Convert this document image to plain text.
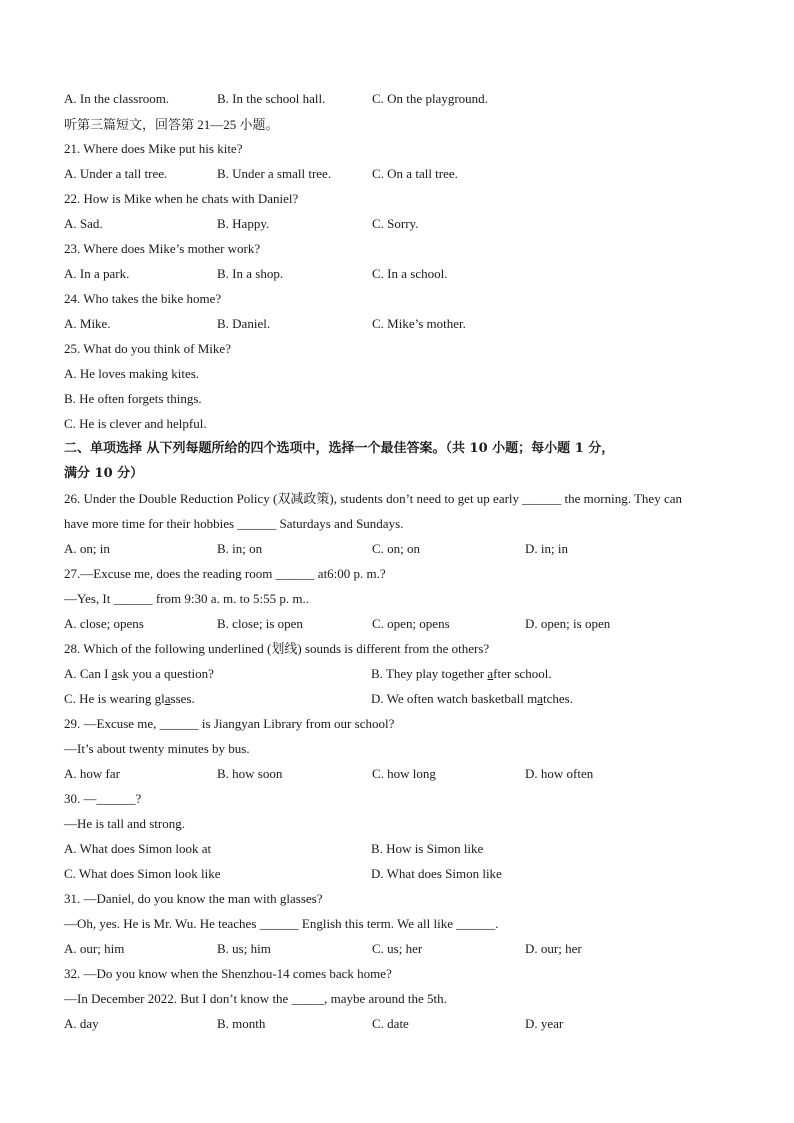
A. In the classroom.	B. In the school hall.	C. On the playground.
听第三篇短文，回答第 21—25 小题。
21. Where does Mike put his kite?
A. Under a tall tree.	B. Under a small tree.	C. On a tall tree.
22. How is Mike when he chats with Daniel?
A. Sad.	B. Happy.	C. Sorry.
23. Where does Mike’s mother work?
A. In a park.	B. In a shop.	C. In a school.
24. Who takes the bike home?
A. Mike.	B. Daniel.	C. Mike’s mother.
25. What do you think of Mike?
A. He loves making kites.
B. He often forgets things.
C. He is clever and helpful.
二、单项选择 从下列每题所给的四个选项中，选择一个最佳答案。（共 10 小题；每小题 1 分，
满分 10 分）
26. Under the Double Reduction Policy (双减政策), students don’t need to get up early ______ the morning. They can
have more time for their hobbies ______ Saturdays and Sundays.
A. on; in	B. in; on	C. on; on	D. in; in
27.—Excuse me, does the reading room ______ at6:00 p. m.?
—Yes, It ______ from 9:30 a. m. to 5:55 p. m..
A. close; opens	B. close; is open	C. open; opens	D. open; is open
28. Which of the following underlined (划线) sounds is different from the others?
A. Can I ask you a question?	B. They play together after school.
C. He is wearing glasses.	D. We often watch basketball matches.
29. —Excuse me, ______ is Jiangyan Library from our school?
—It’s about twenty minutes by bus.
A. how far	B. how soon	C. how long	D. how often
30. —______?
—He is tall and strong.
A. What does Simon look at	B. How is Simon like
C. What does Simon look like	D. What does Simon like
31. —Daniel, do you know the man with glasses?
—Oh, yes. He is Mr. Wu. He teaches ______ English this term. We all like ______.
A. our; him	B. us; him	C. us; her	D. our; her
32. —Do you know when the Shenzhou-14 comes back home?
—In December 2022. But I don’t know the _____, maybe around the 5th.
A. day	B. month	C. date	D. year
